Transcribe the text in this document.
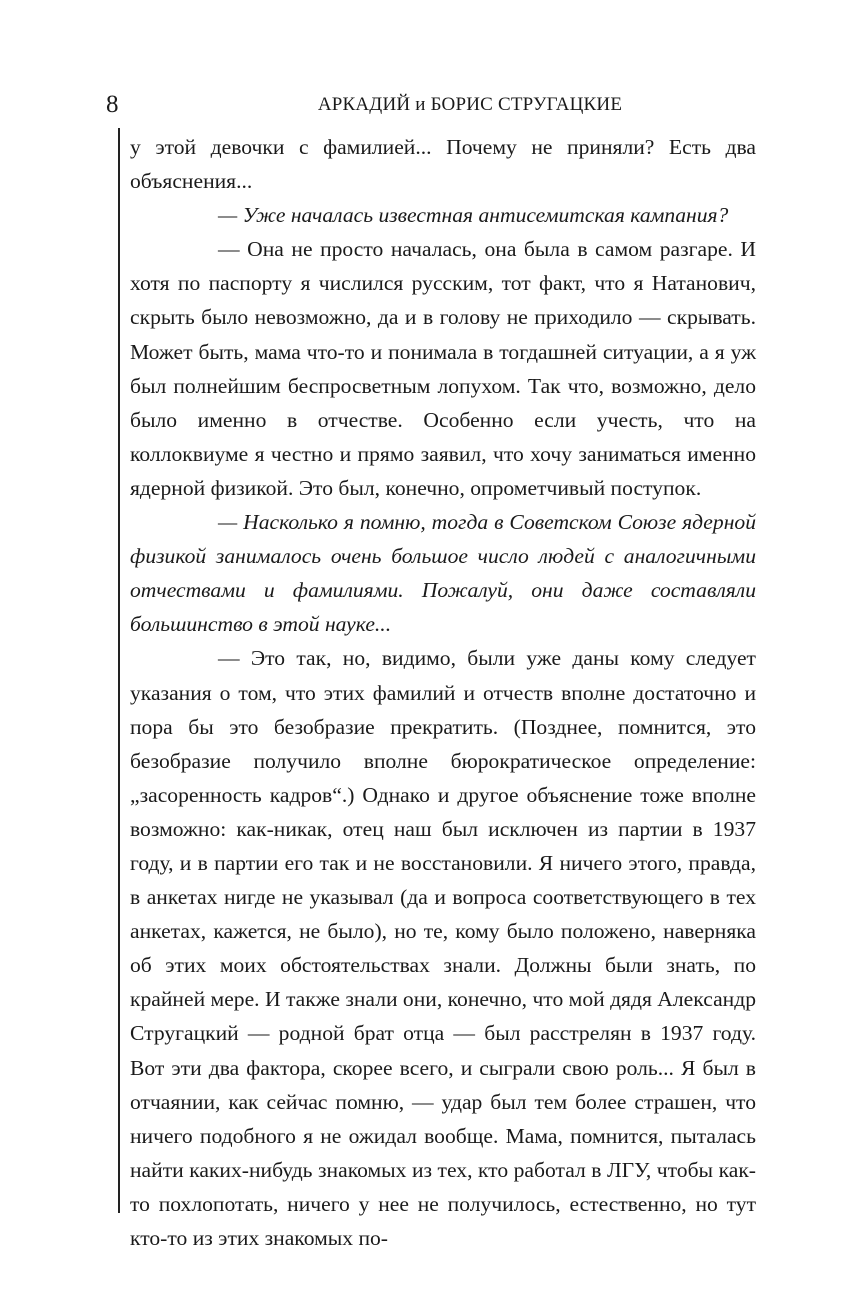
8	АРКАДИЙ и БОРИС СТРУГАЦКИЕ

у этой девочки с фамилией... Почему не приняли? Есть два объяснения...

— Уже началась известная антисемитская кампания?

— Она не просто началась, она была в самом разгаре. И хотя по паспорту я числился русским, тот факт, что я Натанович, скрыть было невозможно, да и в голову не приходило — скрывать. Может быть, мама что-то и понимала в тогдашней ситуации, а я уж был полнейшим беспросветным лопухом. Так что, возможно, дело было именно в отчестве. Особенно если учесть, что на коллоквиуме я честно и прямо заявил, что хочу заниматься именно ядерной физикой. Это был, конечно, опрометчивый поступок.

— Насколько я помню, тогда в Советском Союзе ядерной физикой занималось очень большое число людей с аналогичными отчествами и фамилиями. Пожалуй, они даже составляли большинство в этой науке...

— Это так, но, видимо, были уже даны кому следует указания о том, что этих фамилий и отчеств вполне достаточно и пора бы это безобразие прекратить. (Позднее, помнится, это безобразие получило вполне бюрократическое определение: „засоренность кадров“.) Однако и другое объяснение тоже вполне возможно: как-никак, отец наш был исключен из партии в 1937 году, и в партии его так и не восстановили. Я ничего этого, правда, в анкетах нигде не указывал (да и вопроса соответствующего в тех анкетах, кажется, не было), но те, кому было положено, наверняка об этих моих обстоятельствах знали. Должны были знать, по крайней мере. И также знали они, конечно, что мой дядя Александр Стругацкий — родной брат отца — был расстрелян в 1937 году. Вот эти два фактора, скорее всего, и сыграли свою роль... Я был в отчаянии, как сейчас помню, — удар был тем более страшен, что ничего подобного я не ожидал вообще. Мама, помнится, пыталась найти каких-нибудь знакомых из тех, кто работал в ЛГУ, чтобы как-то похлопотать, ничего у нее не получилось, естественно, но тут кто-то из этих знакомых по-
